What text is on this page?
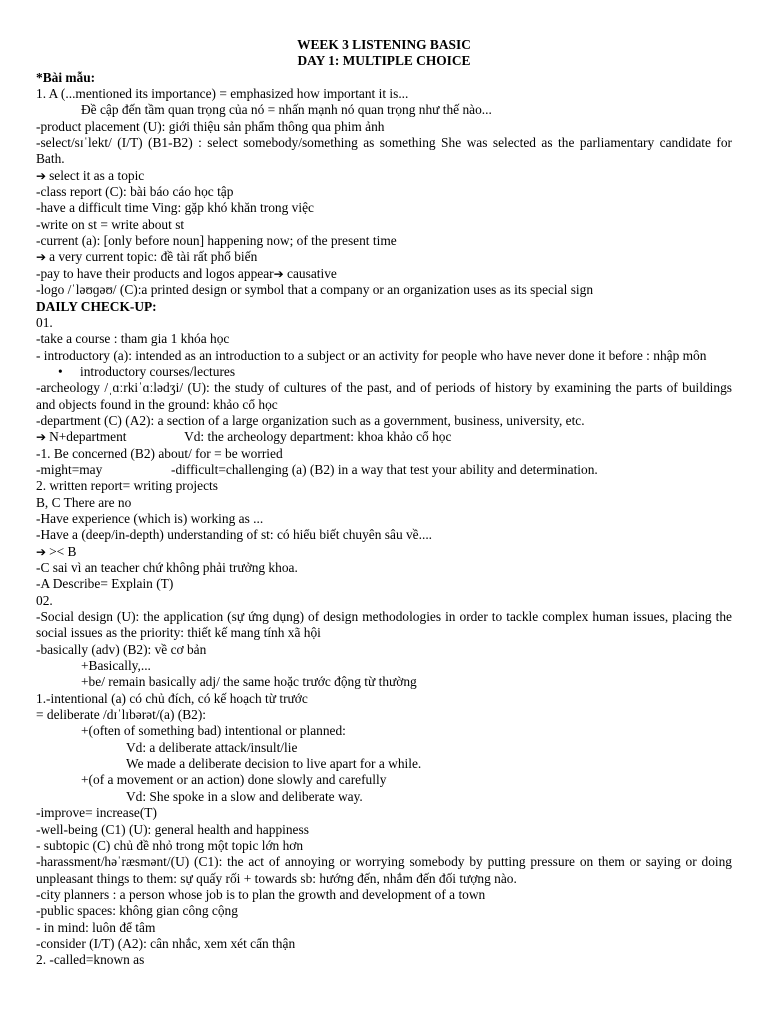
WEEK 3 LISTENING BASIC
DAY 1: MULTIPLE CHOICE
*Bài mẫu:
1. A (...mentioned its importance) = emphasized how important it is...
Đề cập đến tầm quan trọng của nó = nhấn mạnh nó quan trọng như thế nào...
-product placement (U): giới thiệu sản phẩm thông qua phim ảnh
-select/sɪˈlekt/ (I/T) (B1-B2) : select somebody/something as something She was selected as the parliamentary candidate for Bath.
➔ select it as a topic
-class report (C): bài báo cáo học tập
-have a difficult time Ving: gặp khó khăn trong việc
-write on st = write about st
-current (a): [only before noun] happening now; of the present time
➔ a very current topic: đề tài rất phổ biến
-pay to have their products and logos appear➔ causative
-logo /ˈləʊɡəʊ/ (C):a printed design or symbol that a company or an organization uses as its special sign
DAILY CHECK-UP:
01.
-take a course : tham gia 1 khóa học
- introductory (a): intended as an introduction to a subject or an activity for people who have never done it before : nhập môn
• introductory courses/lectures
-archeology /ˌɑːrkiˈɑːlədʒi/ (U): the study of cultures of the past, and of periods of history by examining the parts of buildings and objects found in the ground: khảo cổ học
-department (C) (A2): a section of a large organization such as a government, business, university, etc.
➔ N+department	Vd: the archeology department: khoa khảo cổ học
-1. Be concerned (B2) about/ for = be worried
-might=may	-difficult=challenging (a) (B2) in a way that test your ability and determination.
2. written report= writing projects
B, C There are no
-Have experience (which is) working as ...
-Have a (deep/in-depth) understanding of st: có hiểu biết chuyên sâu về....
➔ >< B
-C sai vì an teacher chứ không phải trưởng khoa.
-A Describe= Explain (T)
02.
-Social design (U): the application (sự ứng dụng) of design methodologies in order to tackle complex human issues, placing the social issues as the priority: thiết kế mang tính xã hội
-basically (adv) (B2): về cơ bản
+Basically,...
+be/ remain basically adj/ the same hoặc trước động từ thường
1.-intentional (a) có chủ đích, có kế hoạch từ trước
= deliberate /dɪˈlɪbərət/(a) (B2):
+(often of something bad) intentional or planned:
Vd: a deliberate attack/insult/lie
We made a deliberate decision to live apart for a while.
+(of a movement or an action) done slowly and carefully
Vd: She spoke in a slow and deliberate way.
-improve= increase(T)
-well-being (C1) (U): general health and happiness
- subtopic (C) chủ đề nhỏ trong một topic lớn hơn
-harassment/həˈræsmənt/(U) (C1): the act of annoying or worrying somebody by putting pressure on them or saying or doing unpleasant things to them: sự quấy rối + towards sb: hướng đến, nhắm đến đối tượng nào.
-city planners : a person whose job is to plan the growth and development of a town
-public spaces: không gian công cộng
- in mind: luôn để tâm
-consider (I/T) (A2): cân nhắc, xem xét cẩn thận
2. -called=known as
